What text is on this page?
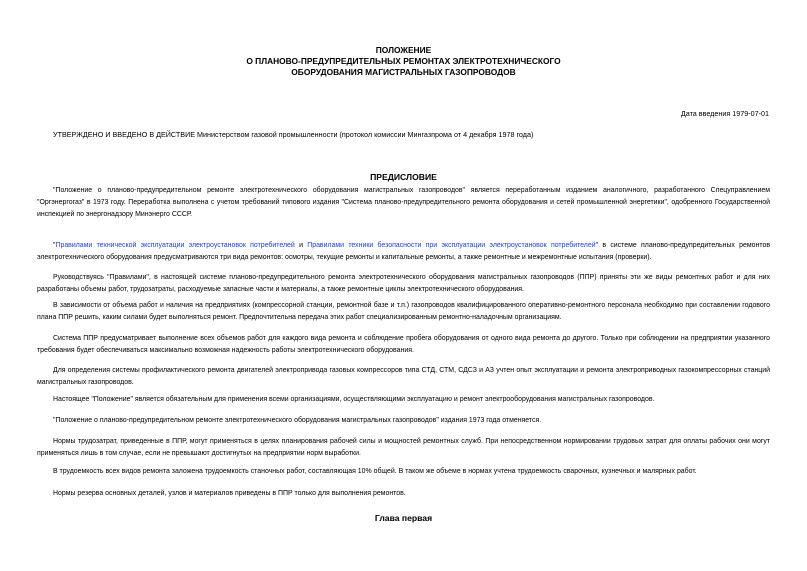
ПОЛОЖЕНИЕ
О ПЛАНОВО-ПРЕДУПРЕДИТЕЛЬНЫХ РЕМОНТАХ ЭЛЕКТРОТЕХНИЧЕСКОГО
ОБОРУДОВАНИЯ МАГИСТРАЛЬНЫХ ГАЗОПРОВОДОВ
Дата введения 1979-07-01
УТВЕРЖДЕНО И ВВЕДЕНО В ДЕЙСТВИЕ Министерством газовой промышленности (протокол комиссии Мингазпрома от 4 декабря 1978 года)
ПРЕДИСЛОВИЕ

"Положение о планово-предупредительном ремонте электротехнического оборудования магистральных газопроводов" является переработанным изданием аналогичного, разработанного Спецуправлением "Оргэнергогаз" в 1973 году. Переработка выполнена с учетом требований типового издания "Система планово-предупредительного ремонта оборудования и сетей промышленной энергетики", одобренного Государственной инспекцией по энергонадзору Минэнерго СССР.

"Правилами технической эксплуатации электроустановок потребителей и Правилами техники безопасности при эксплуатации электроустановок потребителей" в системе планово-предупредительных ремонтов электротехнического оборудования предусматриваются три вида ремонтов: осмотры, текущие ремонты и капитальные ремонты, а также ремонтные и межремонтные испытания (проверки).

Руководствуясь "Правилами", в настоящей системе планово-предупредительного ремонта электротехнического оборудования магистральных газопроводов (ППР) приняты эти же виды ремонтных работ и для них разработаны объемы работ, трудозатраты, расходуемые запасные части и материалы, а также ремонтные циклы электротехнического оборудования.

В зависимости от объема работ и наличия на предприятиях (компрессорной станции, ремонтной базе и т.п.) газопроводов квалифицированного оперативно-ремонтного персонала необходимо при составлении годового плана ППР решить, каким силами будет выполняться ремонт. Предпочтительна передача этих работ специализированным ремонтно-наладочным организациям.

Система ППР предусматривает выполнение всех объемов работ для каждого вида ремонта и соблюдение пробега оборудования от одного вида ремонта до другого. Только при соблюдении на предприятии указанного требования будет обеспечиваться максимально возможная надежность работы электротехнического оборудования.

Для определения системы профилактического ремонта двигателей электропривода газовых компрессоров типа СТД, СТМ, СДСЗ и АЗ учтен опыт эксплуатации и ремонта электроприводных газокомпрессорных станций магистральных газопроводов.

Настоящее "Положение" является обязательным для применения всеми организациями, осуществляющими эксплуатацию и ремонт электрооборудования магистральных газопроводов.

"Положение о планово-предупредительном ремонте электротехнического оборудования магистральных газопроводов" издания 1973 года отменяется.

Нормы трудозатрат, приведенные в ППР, могут применяться в целях планирования рабочей силы и мощностей ремонтных служб. При непосредственном нормировании трудовых затрат для оплаты рабочих они могут применяться лишь в том случае, если не превышают достигнутых на предприятии норм выработки.

В трудоемкость всех видов ремонта заложена трудоемкость станочных работ, составляющая 10% общей. В таком же объеме в нормах учтена трудоемкость сварочных, кузнечных и малярных работ.

Нормы резерва основных деталей, узлов и материалов приведены в ППР только для выполнения ремонтов.

Глава первая
